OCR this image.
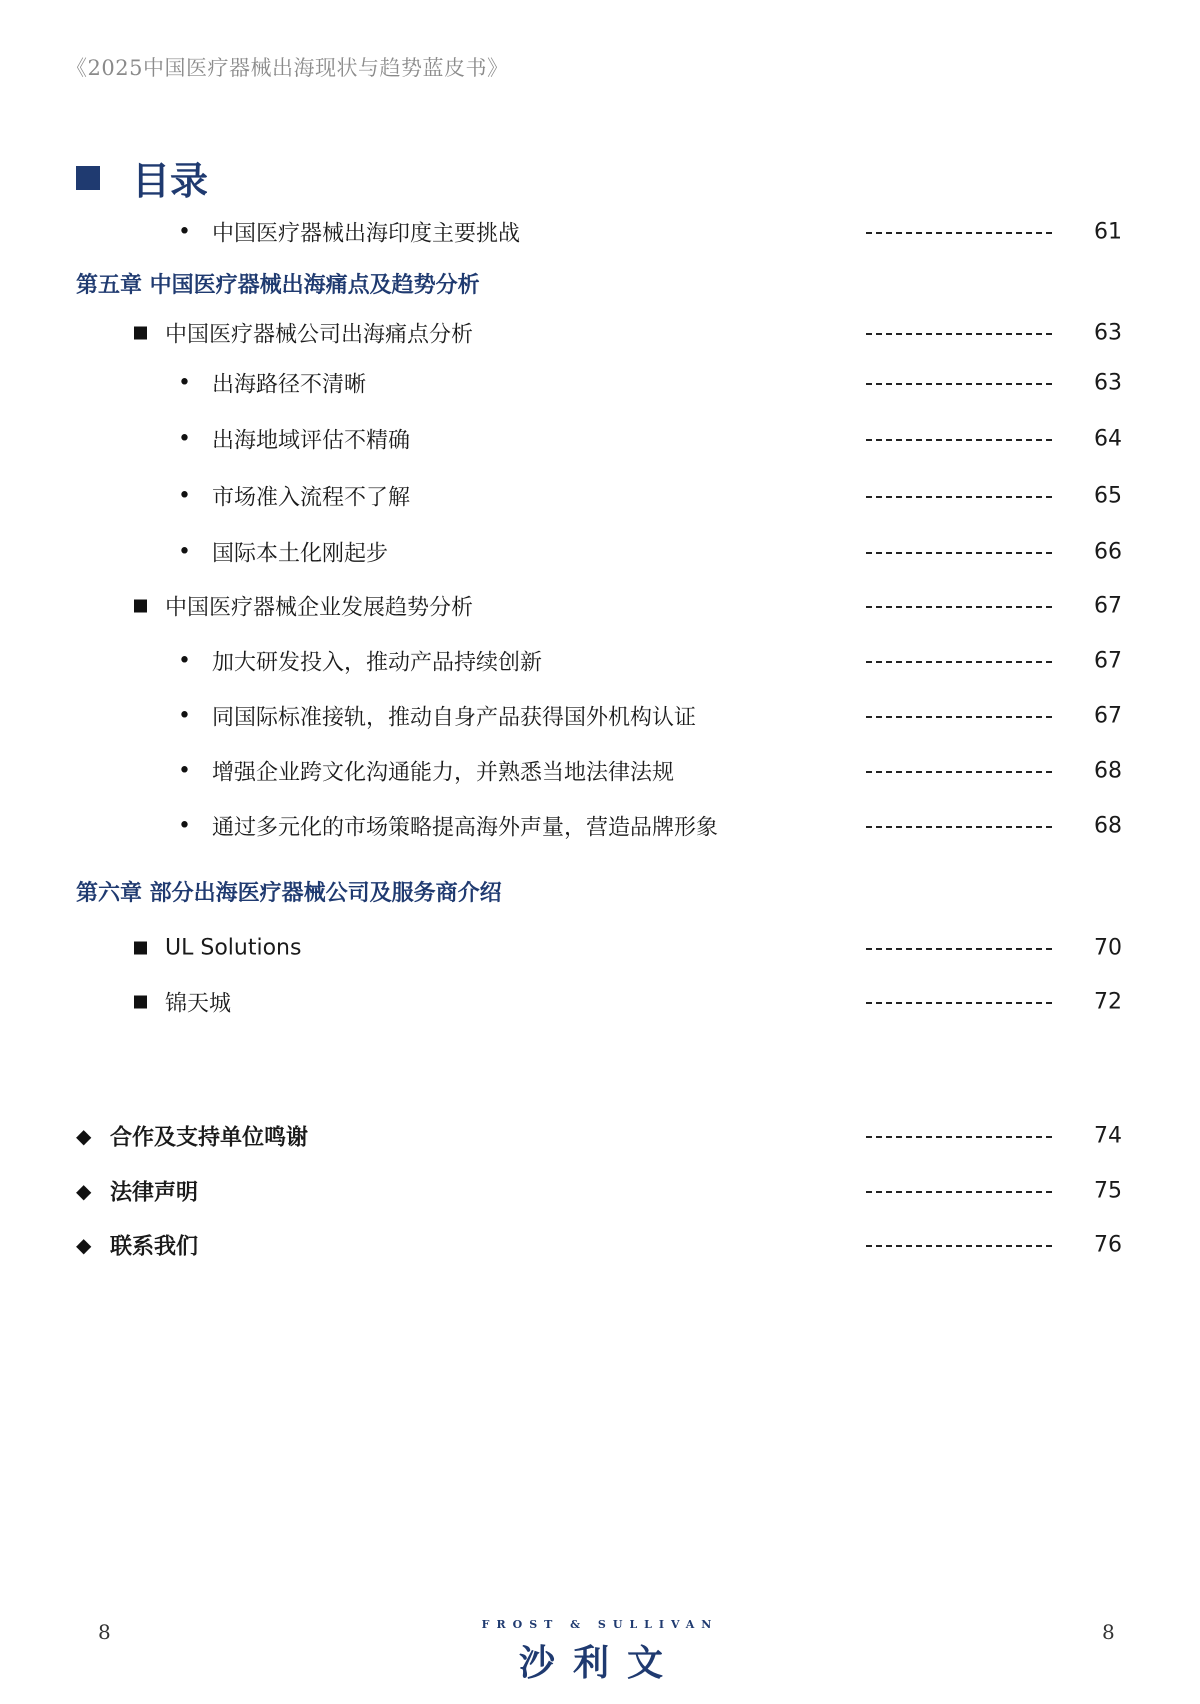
《2025中国医疗器械出海现状与趋势蓝皮书》
目录
• 中国医疗器械出海印度主要挑战	61
第五章 中国医疗器械出海痛点及趋势分析
中国医疗器械公司出海痛点分析	63
• 出海路径不清晰	63
• 出海地域评估不精确	64
• 市场准入流程不了解	65
• 国际本土化刚起步	66
中国医疗器械企业发展趋势分析	67
• 加大研发投入，推动产品持续创新	67
• 同国际标准接轨，推动自身产品获得国外机构认证	67
• 增强企业跨文化沟通能力，并熟悉当地法律法规	68
• 通过多元化的市场策略提高海外声量，营造品牌形象	68
第六章 部分出海医疗器械公司及服务商介绍
UL Solutions	70
锦天城	72
◆ 合作及支持单位鸣谢	74
◆ 法律声明	75
◆ 联系我们	76
8	8
FROST & SULLIVAN
沙利文
